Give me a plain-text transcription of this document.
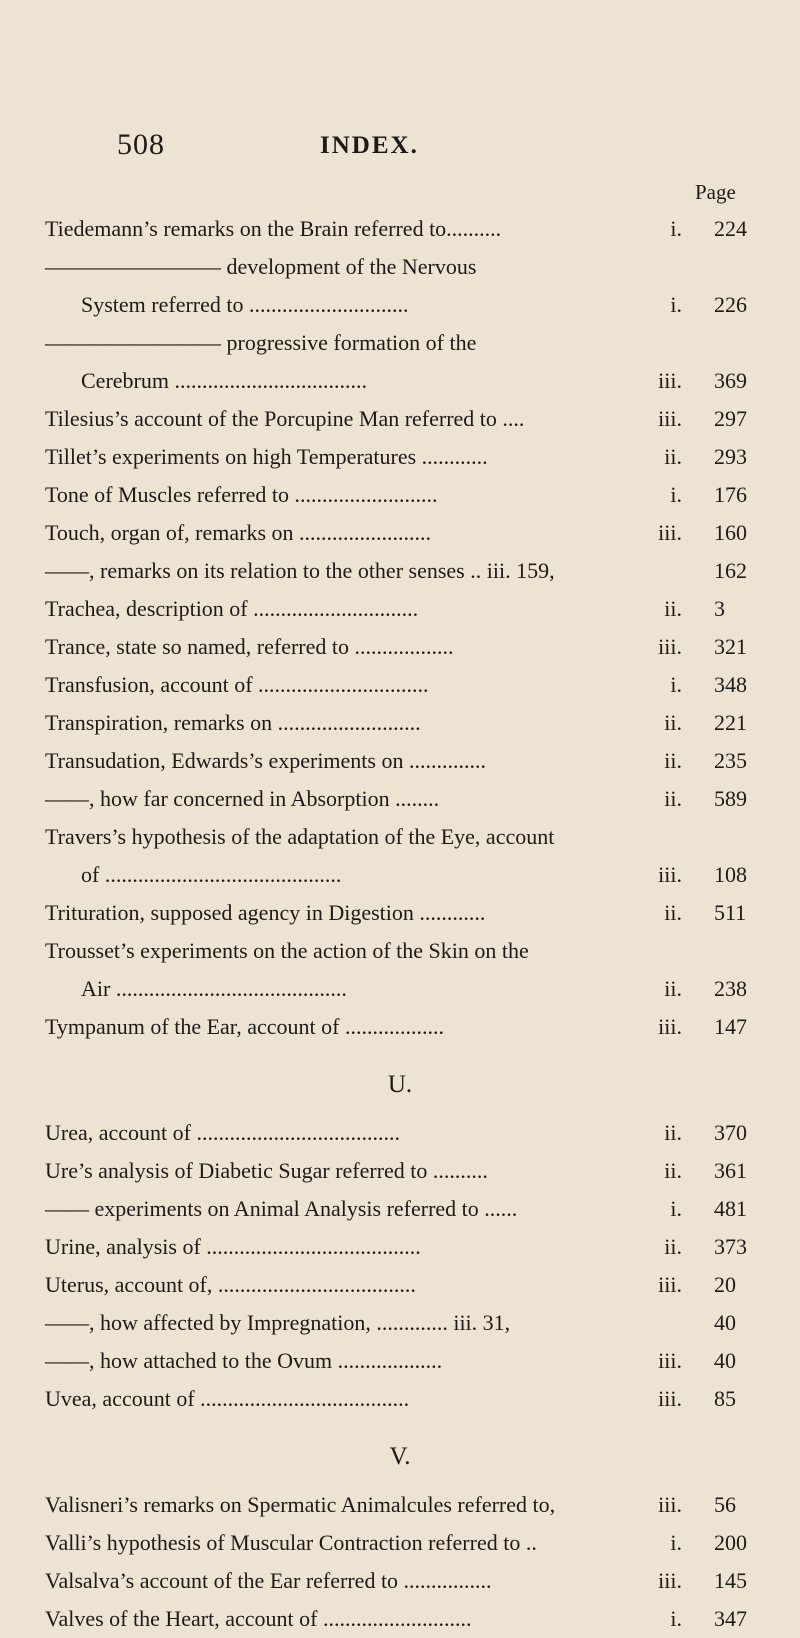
508	INDEX.
Page
Tiedemann’s remarks on the Brain referred to..........	i. 224
———————— development of the Nervous
System referred to .............................	i. 226
———————— progressive formation of the
Cerebrum ...................................	iii. 369
Tilesius’s account of the Porcupine Man referred to ....	iii. 297
Tillet’s experiments on high Temperatures ............	ii. 293
Tone of Muscles referred to ..........................	i. 176
Touch, organ of, remarks on ........................	iii. 160
——, remarks on its relation to the other senses .. iii. 159,	162
Trachea, description of ..............................	ii. 3
Trance, state so named, referred to ..................	iii. 321
Transfusion, account of ...............................	i. 348
Transpiration, remarks on ..........................	ii. 221
Transudation, Edwards’s experiments on ..............	ii. 235
——, how far concerned in Absorption ........	ii. 589
Travers’s hypothesis of the adaptation of the Eye, account
of ...........................................	iii. 108
Trituration, supposed agency in Digestion ............	ii. 511
Trousset’s experiments on the action of the Skin on the
Air ..........................................	ii. 238
Tympanum of the Ear, account of ..................	iii. 147
U.
Urea, account of .....................................	ii. 370
Ure’s analysis of Diabetic Sugar referred to ..........	ii. 361
—— experiments on Animal Analysis referred to ......	i. 481
Urine, analysis of .......................................	ii. 373
Uterus, account of, ....................................	iii. 20
——, how affected by Impregnation, ............. iii. 31,	40
——, how attached to the Ovum ...................	iii. 40
Uvea, account of ......................................	iii. 85
V.
Valisneri’s remarks on Spermatic Animalcules referred to,	iii. 56
Valli’s hypothesis of Muscular Contraction referred to ..	i. 200
Valsalva’s account of the Ear referred to ................	iii. 145
Valves of the Heart, account of ...........................	i. 347
